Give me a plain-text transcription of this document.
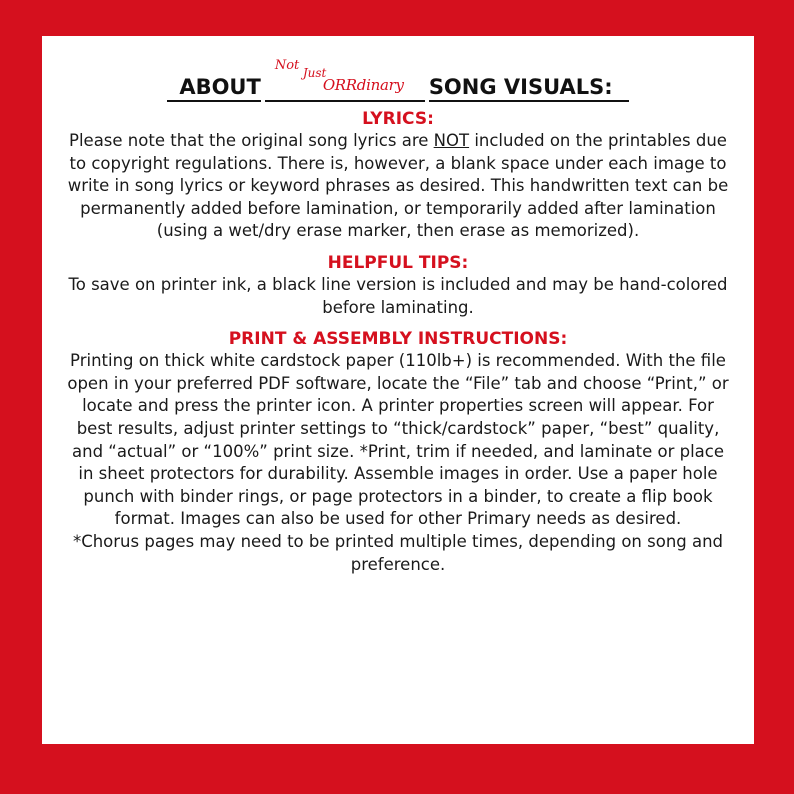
ABOUT
Not Just
ORRdinary SONG VISUALS:

LYRICS:

Please note that the original song lyrics are NOT included on the printables due to copyright regulations. There is, however, a blank space under each image to write in song lyrics or keyword phrases as desired. This handwritten text can be permanently added before lamination, or temporarily added after lamination (using a wet/dry erase marker, then erase as memorized).

HELPFUL TIPS:

To save on printer ink, a black line version is included and may be hand-colored before laminating.

PRINT & ASSEMBLY INSTRUCTIONS:

Printing on thick white cardstock paper (110lb+) is recommended. With the file open in your preferred PDF software, locate the “File” tab and choose “Print,” or locate and press the printer icon. A printer properties screen will appear. For best results, adjust printer settings to “thick/cardstock” paper, “best” quality, and “actual” or “100%” print size. *Print, trim if needed, and laminate or place in sheet protectors for durability. Assemble images in order. Use a paper hole punch with binder rings, or page protectors in a binder, to create a flip book format. Images can also be used for other Primary needs as desired.

*Chorus pages may need to be printed multiple times, depending on song and preference.
